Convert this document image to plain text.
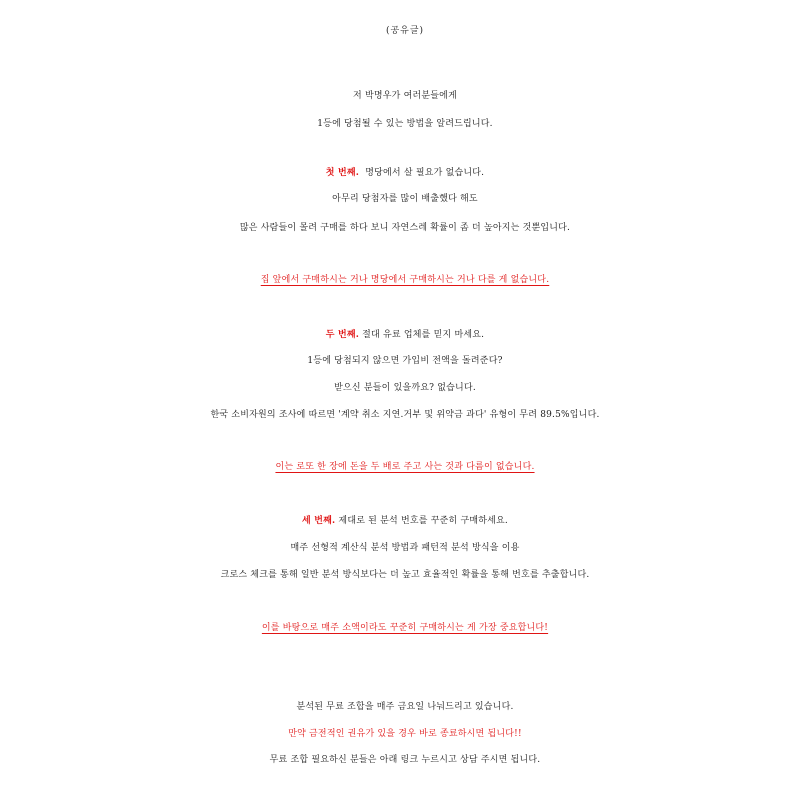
(공유글)
저 박명우가 여러분들에게
1등에 당첨될 수 있는 방법을 알려드립니다.
첫 번째.  명당에서 살 필요가 없습니다.
아무리 당첨자를 많이 배출했다 해도
많은 사람들이 몰려 구매를 하다 보니 자연스레 확률이 좀 더 높아지는 것뿐입니다.
집 앞에서 구매하시는 거나 명당에서 구매하시는 거나 다를 게 없습니다.
두 번째. 절대 유료 업체를 믿지 마세요.
1등에 당첨되지 않으면 가입비 전액을 돌려준다?
받으신 분들이 있을까요? 없습니다.
한국 소비자원의 조사에 따르면 '계약 취소 지연.거부 및 위약금 과다' 유형이 무려 89.5%입니다.
이는 로또 한 장에 돈을 두 배로 주고 사는 것과 다름이 없습니다.
세 번째. 제대로 된 분석 번호를 꾸준히 구매하세요.
매주 선형적 계산식 분석 방법과 패턴적 분석 방식을 이용
크로스 체크를 통해 일반 분석 방식보다는 더 높고 효율적인 확률을 통해 번호를 추출합니다.
이를 바탕으로 매주 소액이라도 꾸준히 구매하시는 게 가장 중요합니다!
분석된 무료 조합을 매주 금요일 나눠드리고 있습니다.
만약 금전적인 권유가 있을 경우 바로 종료하시면 됩니다!!
무료 조합 필요하신 분들은 아래 링크 누르시고 상담 주시면 됩니다.
